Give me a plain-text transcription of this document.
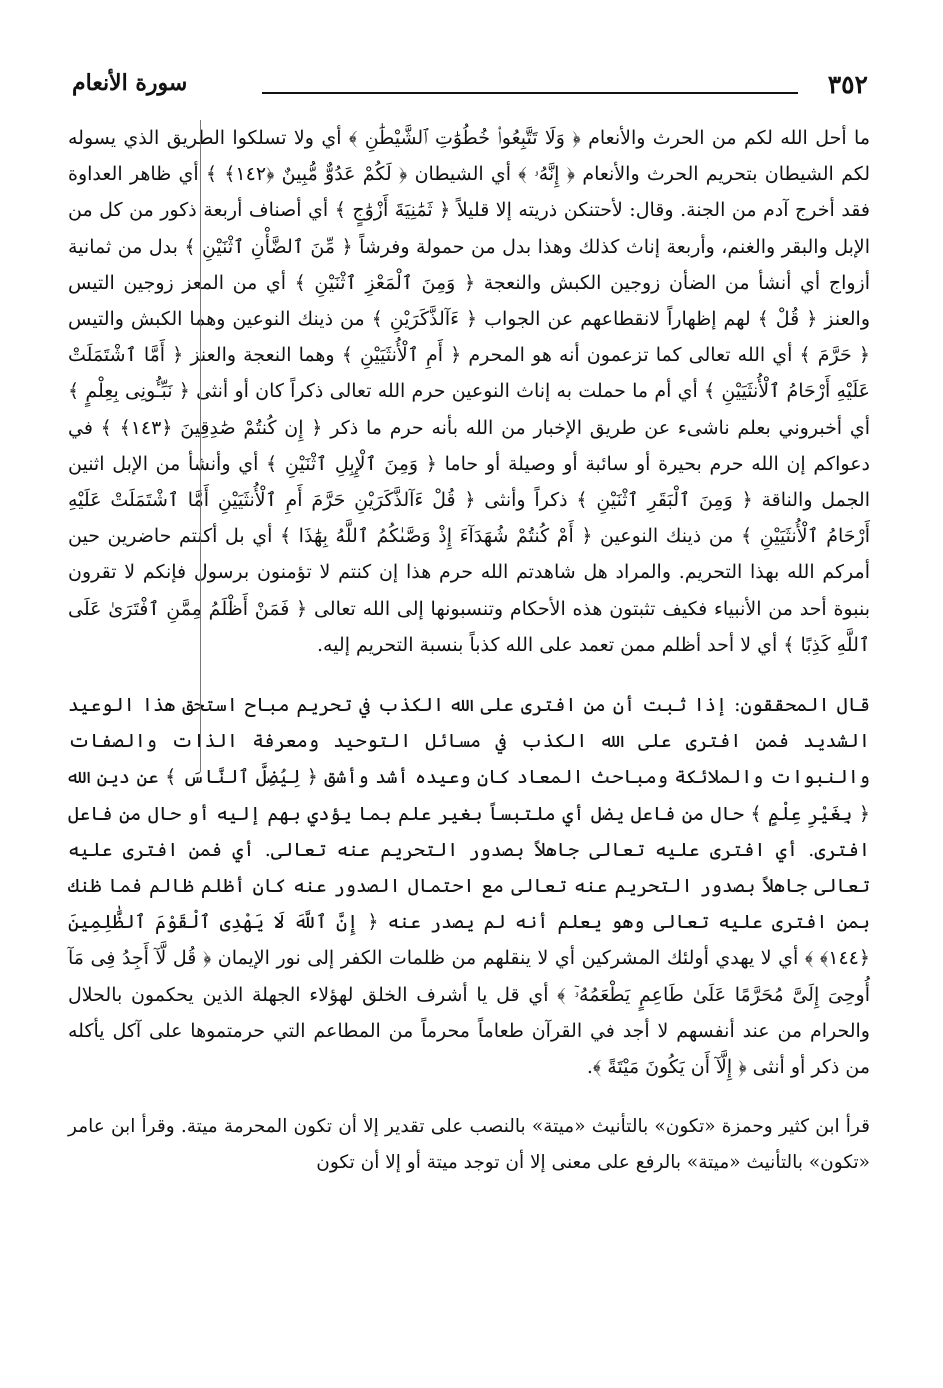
٣٥٢
سورة الأنعام

ما أحل الله لكم من الحرث والأنعام ﴿ وَلَا تَتَّبِعُوا۟ خُطُوَٰتِ ٱلشَّيْطَٰنِ ﴾ أي ولا تسلكوا الطريق الذي يسوله لكم الشيطان بتحريم الحرث والأنعام ﴿ إِنَّهُۥ ﴾ أي الشيطان ﴿ لَكُمْ عَدُوٌّ مُّبِينٌ ﴿١٤٢﴾ ﴾ أي ظاهر العداوة فقد أخرج آدم من الجنة. وقال: لأحتنكن ذريته إلا قليلاً ﴿ ثَمَٰنِيَةَ أَزْوَٰجٍ ﴾ أي أصناف أربعة ذكور من كل من الإبل والبقر والغنم، وأربعة إناث كذلك وهذا بدل من حمولة وفرشاً ﴿ مِّنَ ٱلضَّأْنِ ٱثْنَيْنِ ﴾ بدل من ثمانية أزواج أي أنشأ من الضأن زوجين الكبش والنعجة ﴿ وَمِنَ ٱلْمَعْزِ ٱثْنَيْنِ ﴾ أي من المعز زوجين التيس والعنز ﴿ قُلْ ﴾ لهم إظهاراً لانقطاعهم عن الجواب ﴿ ءَآلذَّكَرَيْنِ ﴾ من ذينك النوعين وهما الكبش والتيس ﴿ حَرَّمَ ﴾ أي الله تعالى كما تزعمون أنه هو المحرم ﴿ أَمِ ٱلْأُنثَيَيْنِ ﴾ وهما النعجة والعنز ﴿ أَمَّا ٱشْتَمَلَتْ عَلَيْهِ أَرْحَامُ ٱلْأُنثَيَيْنِ ﴾ أي أم ما حملت به إناث النوعين حرم الله تعالى ذكراً كان أو أنثى ﴿ نَبِّـُٔونِى بِعِلْمٍ ﴾ أي أخبروني بعلم ناشىء عن طريق الإخبار من الله بأنه حرم ما ذكر ﴿ إِن كُنتُمْ صَٰدِقِينَ ﴿١٤٣﴾ ﴾ في دعواكم إن الله حرم بحيرة أو سائبة أو وصيلة أو حاما ﴿ وَمِنَ ٱلْإِبِلِ ٱثْنَيْنِ ﴾ أي وأنشأ من الإبل اثنين الجمل والناقة ﴿ وَمِنَ ٱلْبَقَرِ ٱثْنَيْنِ ﴾ ذكراً وأنثى ﴿ قُلْ ءَآلذَّكَرَيْنِ حَرَّمَ أَمِ ٱلْأُنثَيَيْنِ أَمَّا ٱشْتَمَلَتْ عَلَيْهِ أَرْحَامُ ٱلْأُنثَيَيْنِ ﴾ من ذينك النوعين ﴿ أَمْ كُنتُمْ شُهَدَآءَ إِذْ وَصَّىٰكُمُ ٱللَّهُ بِهَٰذَا ﴾ أي بل أكنتم حاضرين حين أمركم الله بهذا التحريم. والمراد هل شاهدتم الله حرم هذا إن كنتم لا تؤمنون برسول فإنكم لا تقرون بنبوة أحد من الأنبياء فكيف تثبتون هذه الأحكام وتنسبونها إلى الله تعالى ﴿ فَمَنْ أَظْلَمُ مِمَّنِ ٱفْتَرَىٰ عَلَى ٱللَّهِ كَذِبًا ﴾ أي لا أحد أظلم ممن تعمد على الله كذباً بنسبة التحريم إليه.

قال المحققون: إذا ثبت أن من افترى على الله الكذب في تحريم مباح استحق هذا الوعيد الشديد فمن افترى على الله الكذب في مسائل التوحيد ومعرفة الذات والصفات والنبوات والملائكة ومباحث المعاد كان وعيده أشد وأشق ﴿ لِيُضِلَّ ٱلنَّاسَ ﴾ عن دين الله ﴿ بِغَيْرِ عِلْمٍ ﴾ حال من فاعل يضل أي ملتبساً بغير علم بما يؤدي بهم إليه أو حال من فاعل افترى. أي افترى عليه تعالى جاهلاً بصدور التحريم عنه تعالى. أي فمن افترى عليه تعالى جاهلاً بصدور التحريم عنه تعالى مع احتمال الصدور عنه كان أظلم ظالم فما ظنك بمن افترى عليه تعالى وهو يعلم أنه لم يصدر عنه ﴿ إِنَّ ٱللَّهَ لَا يَهْدِى ٱلْقَوْمَ ٱلظَّٰلِمِينَ ﴿١٤٤﴾ ﴾ أي لا يهدي أولئك المشركين أي لا ينقلهم من ظلمات الكفر إلى نور الإيمان ﴿ قُل لَّآ أَجِدُ فِى مَآ أُوحِىَ إِلَىَّ مُحَرَّمًا عَلَىٰ طَاعِمٍ يَطْعَمُهُۥٓ ﴾ أي قل يا أشرف الخلق لهؤلاء الجهلة الذين يحكمون بالحلال والحرام من عند أنفسهم لا أجد في القرآن طعاماً محرماً من المطاعم التي حرمتموها على آكل يأكله من ذكر أو أنثى ﴿ إِلَّآ أَن يَكُونَ مَيْتَةً ﴾.

قرأ ابن كثير وحمزة «تكون» بالتأنيث «ميتة» بالنصب على تقدير إلا أن تكون المحرمة ميتة. وقرأ ابن عامر «تكون» بالتأنيث «ميتة» بالرفع على معنى إلا أن توجد ميتة أو إلا أن تكون
